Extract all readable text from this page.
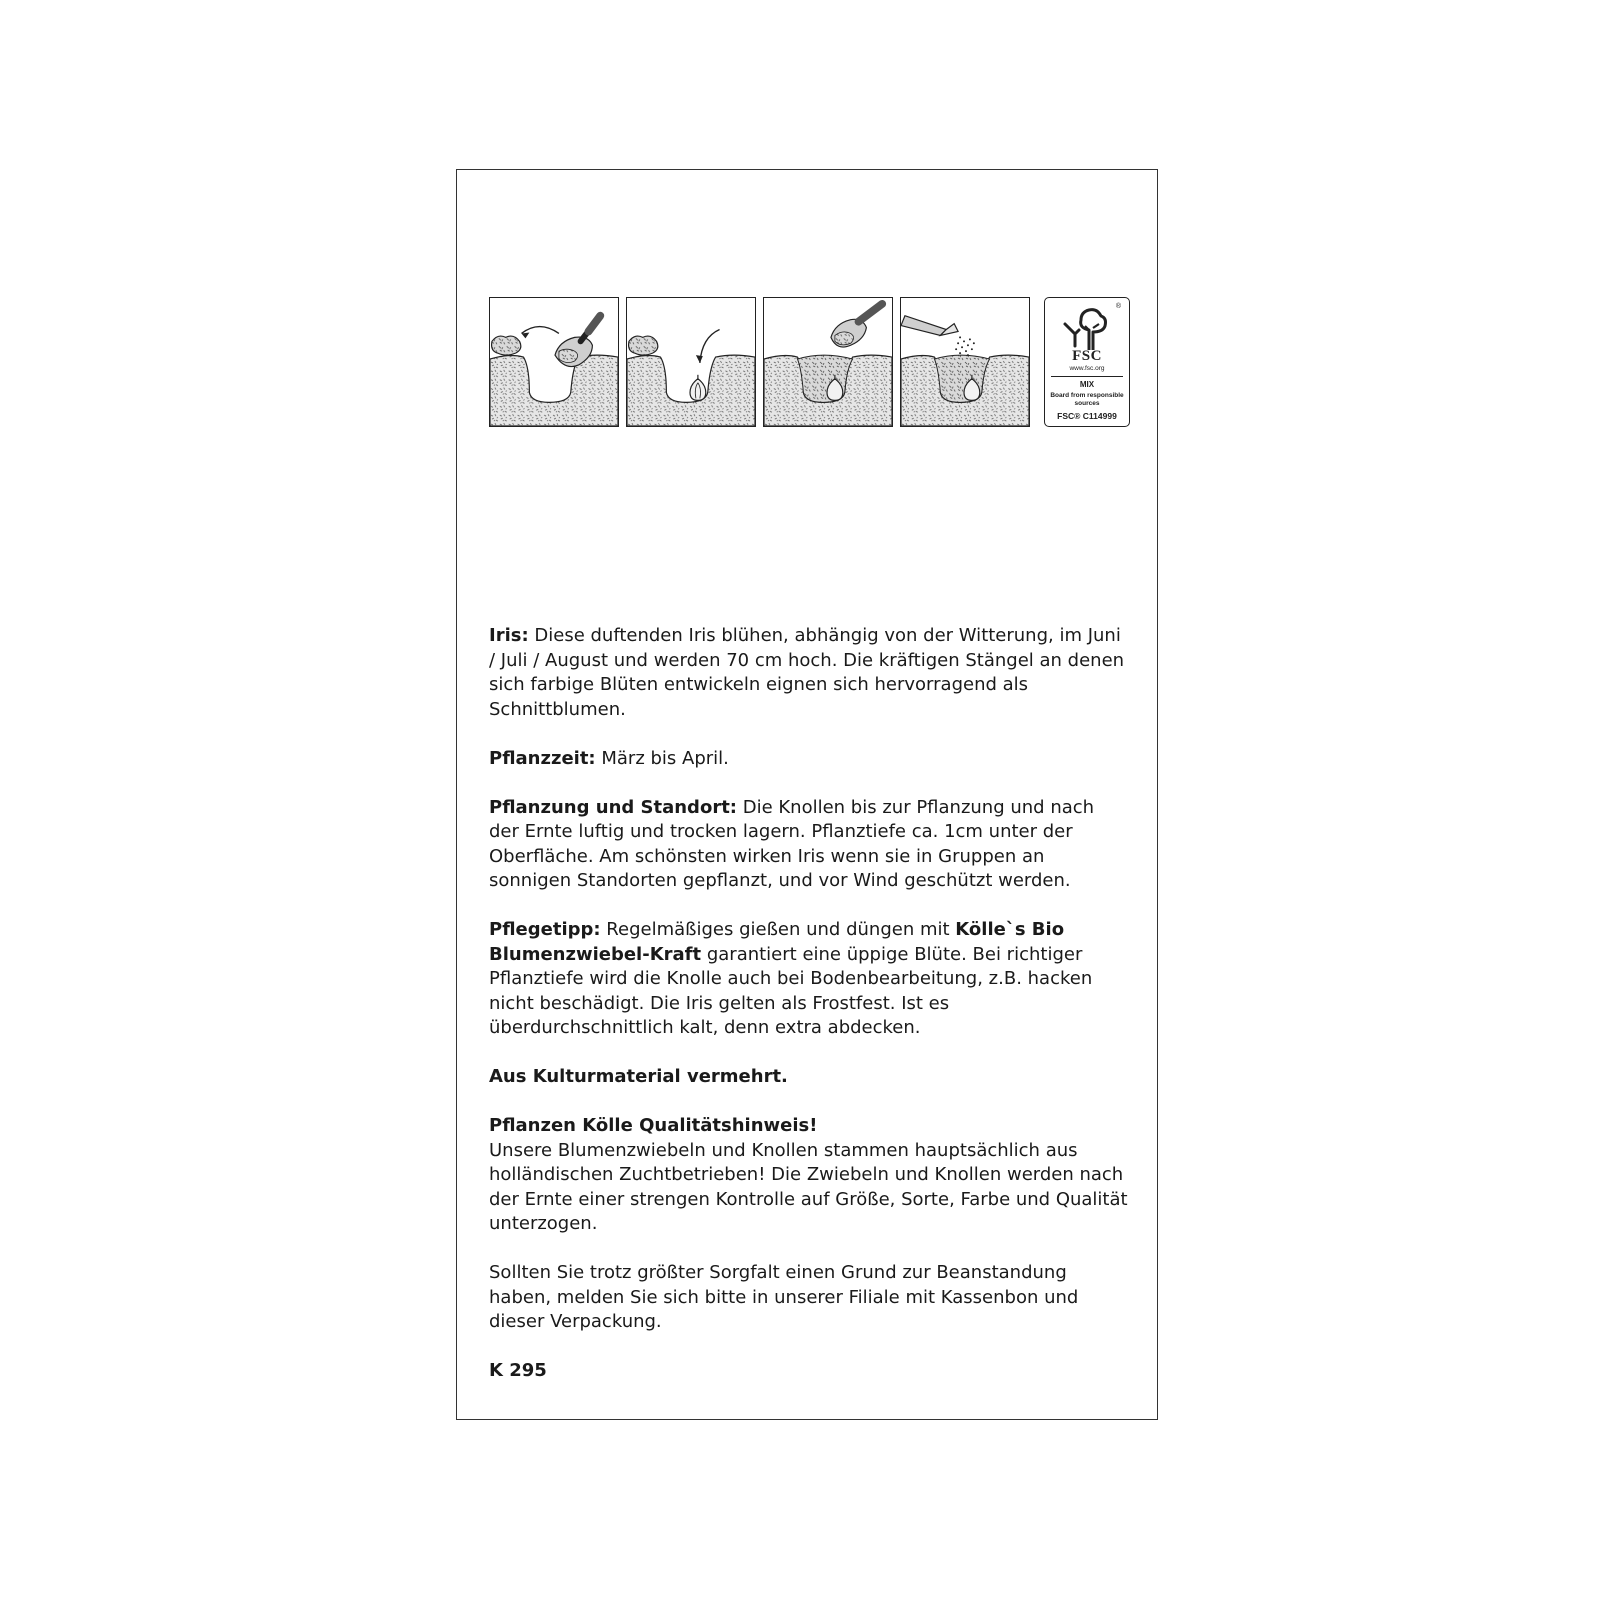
®
FSC
www.fsc.org
MIX
Board from responsible sources
FSC® C114999

Iris: Diese duftenden Iris blühen, abhängig von der Witterung, im Juni / Juli / August und werden 70 cm hoch. Die kräftigen Stängel an denen sich farbige Blüten entwickeln eignen sich hervorragend als Schnittblumen.

Pflanzzeit: März bis April.

Pflanzung und Standort: Die Knollen bis zur Pflanzung und nach der Ernte luftig und trocken lagern. Pflanztiefe ca. 1cm unter der Oberfläche. Am schönsten wirken Iris wenn sie in Gruppen an sonnigen Standorten gepflanzt, und vor Wind geschützt werden.

Pflegetipp: Regelmäßiges gießen und düngen mit Kölle`s Bio Blumenzwiebel-Kraft garantiert eine üppige Blüte. Bei richtiger Pflanztiefe wird die Knolle auch bei Bodenbearbeitung, z.B. hacken nicht beschädigt. Die Iris gelten als Frostfest. Ist es überdurchschnittlich kalt, denn extra abdecken.

Aus Kulturmaterial vermehrt.

Pflanzen Kölle Qualitätshinweis!
Unsere Blumenzwiebeln und Knollen stammen hauptsächlich aus holländischen Zuchtbetrieben! Die Zwiebeln und Knollen werden nach der Ernte einer strengen Kontrolle auf Größe, Sorte, Farbe und Qualität unterzogen.

Sollten Sie trotz größter Sorgfalt einen Grund zur Beanstandung haben, melden Sie sich bitte in unserer Filiale mit Kassenbon und dieser Verpackung.

K 295
